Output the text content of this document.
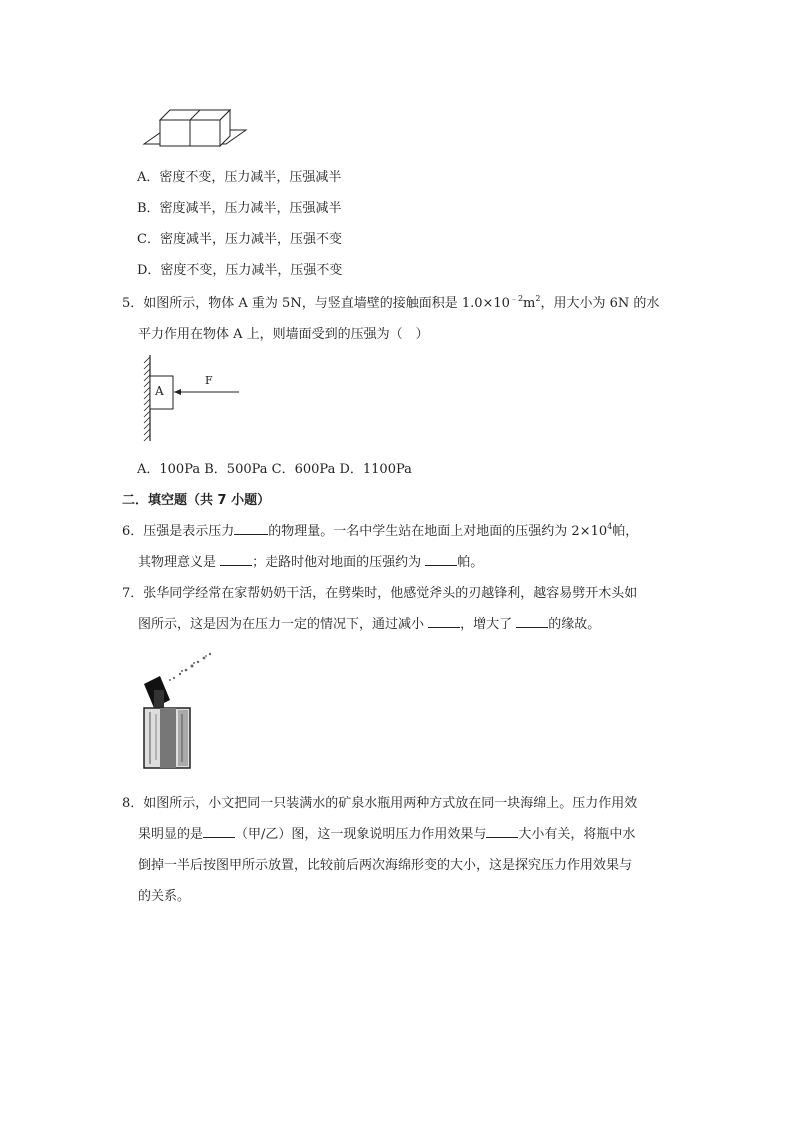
A．密度不变，压力减半，压强减半
B．密度减半，压力减半，压强减半
C．密度减半，压力减半，压强不变
D．密度不变，压力减半，压强不变
5．如图所示，物体 A 重为 5N，与竖直墙壁的接触面积是 $1.0\times 10^{﹣2}m^2$，用大小为 6N 的水
平力作用在物体 A 上，则墙面受到的压强为（　）
A
F
A．100Pa B．500Pa C．600Pa D．1100Pa
二．填空题（共 7 小题）
6．压强是表示压力	的物理量。一名中学生站在地面上对地面的压强约为 $2\times 10^4$帕，
其物理意义是 ；走路时他对地面的压强约为 帕。
7．张华同学经常在家帮奶奶干活，在劈柴时，他感觉斧头的刃越锋利，越容易劈开木头如
图所示，这是因为在压力一定的情况下，通过减小 ，增大了 的缘故。
8．如图所示，小文把同一只装满水的矿泉水瓶用两种方式放在同一块海绵上。压力作用效
果明显的是 （甲/乙）图，这一现象说明压力作用效果与 大小有关，将瓶中水
倒掉一半后按图甲所示放置，比较前后两次海绵形变的大小，这是探究压力作用效果与
的关系。
